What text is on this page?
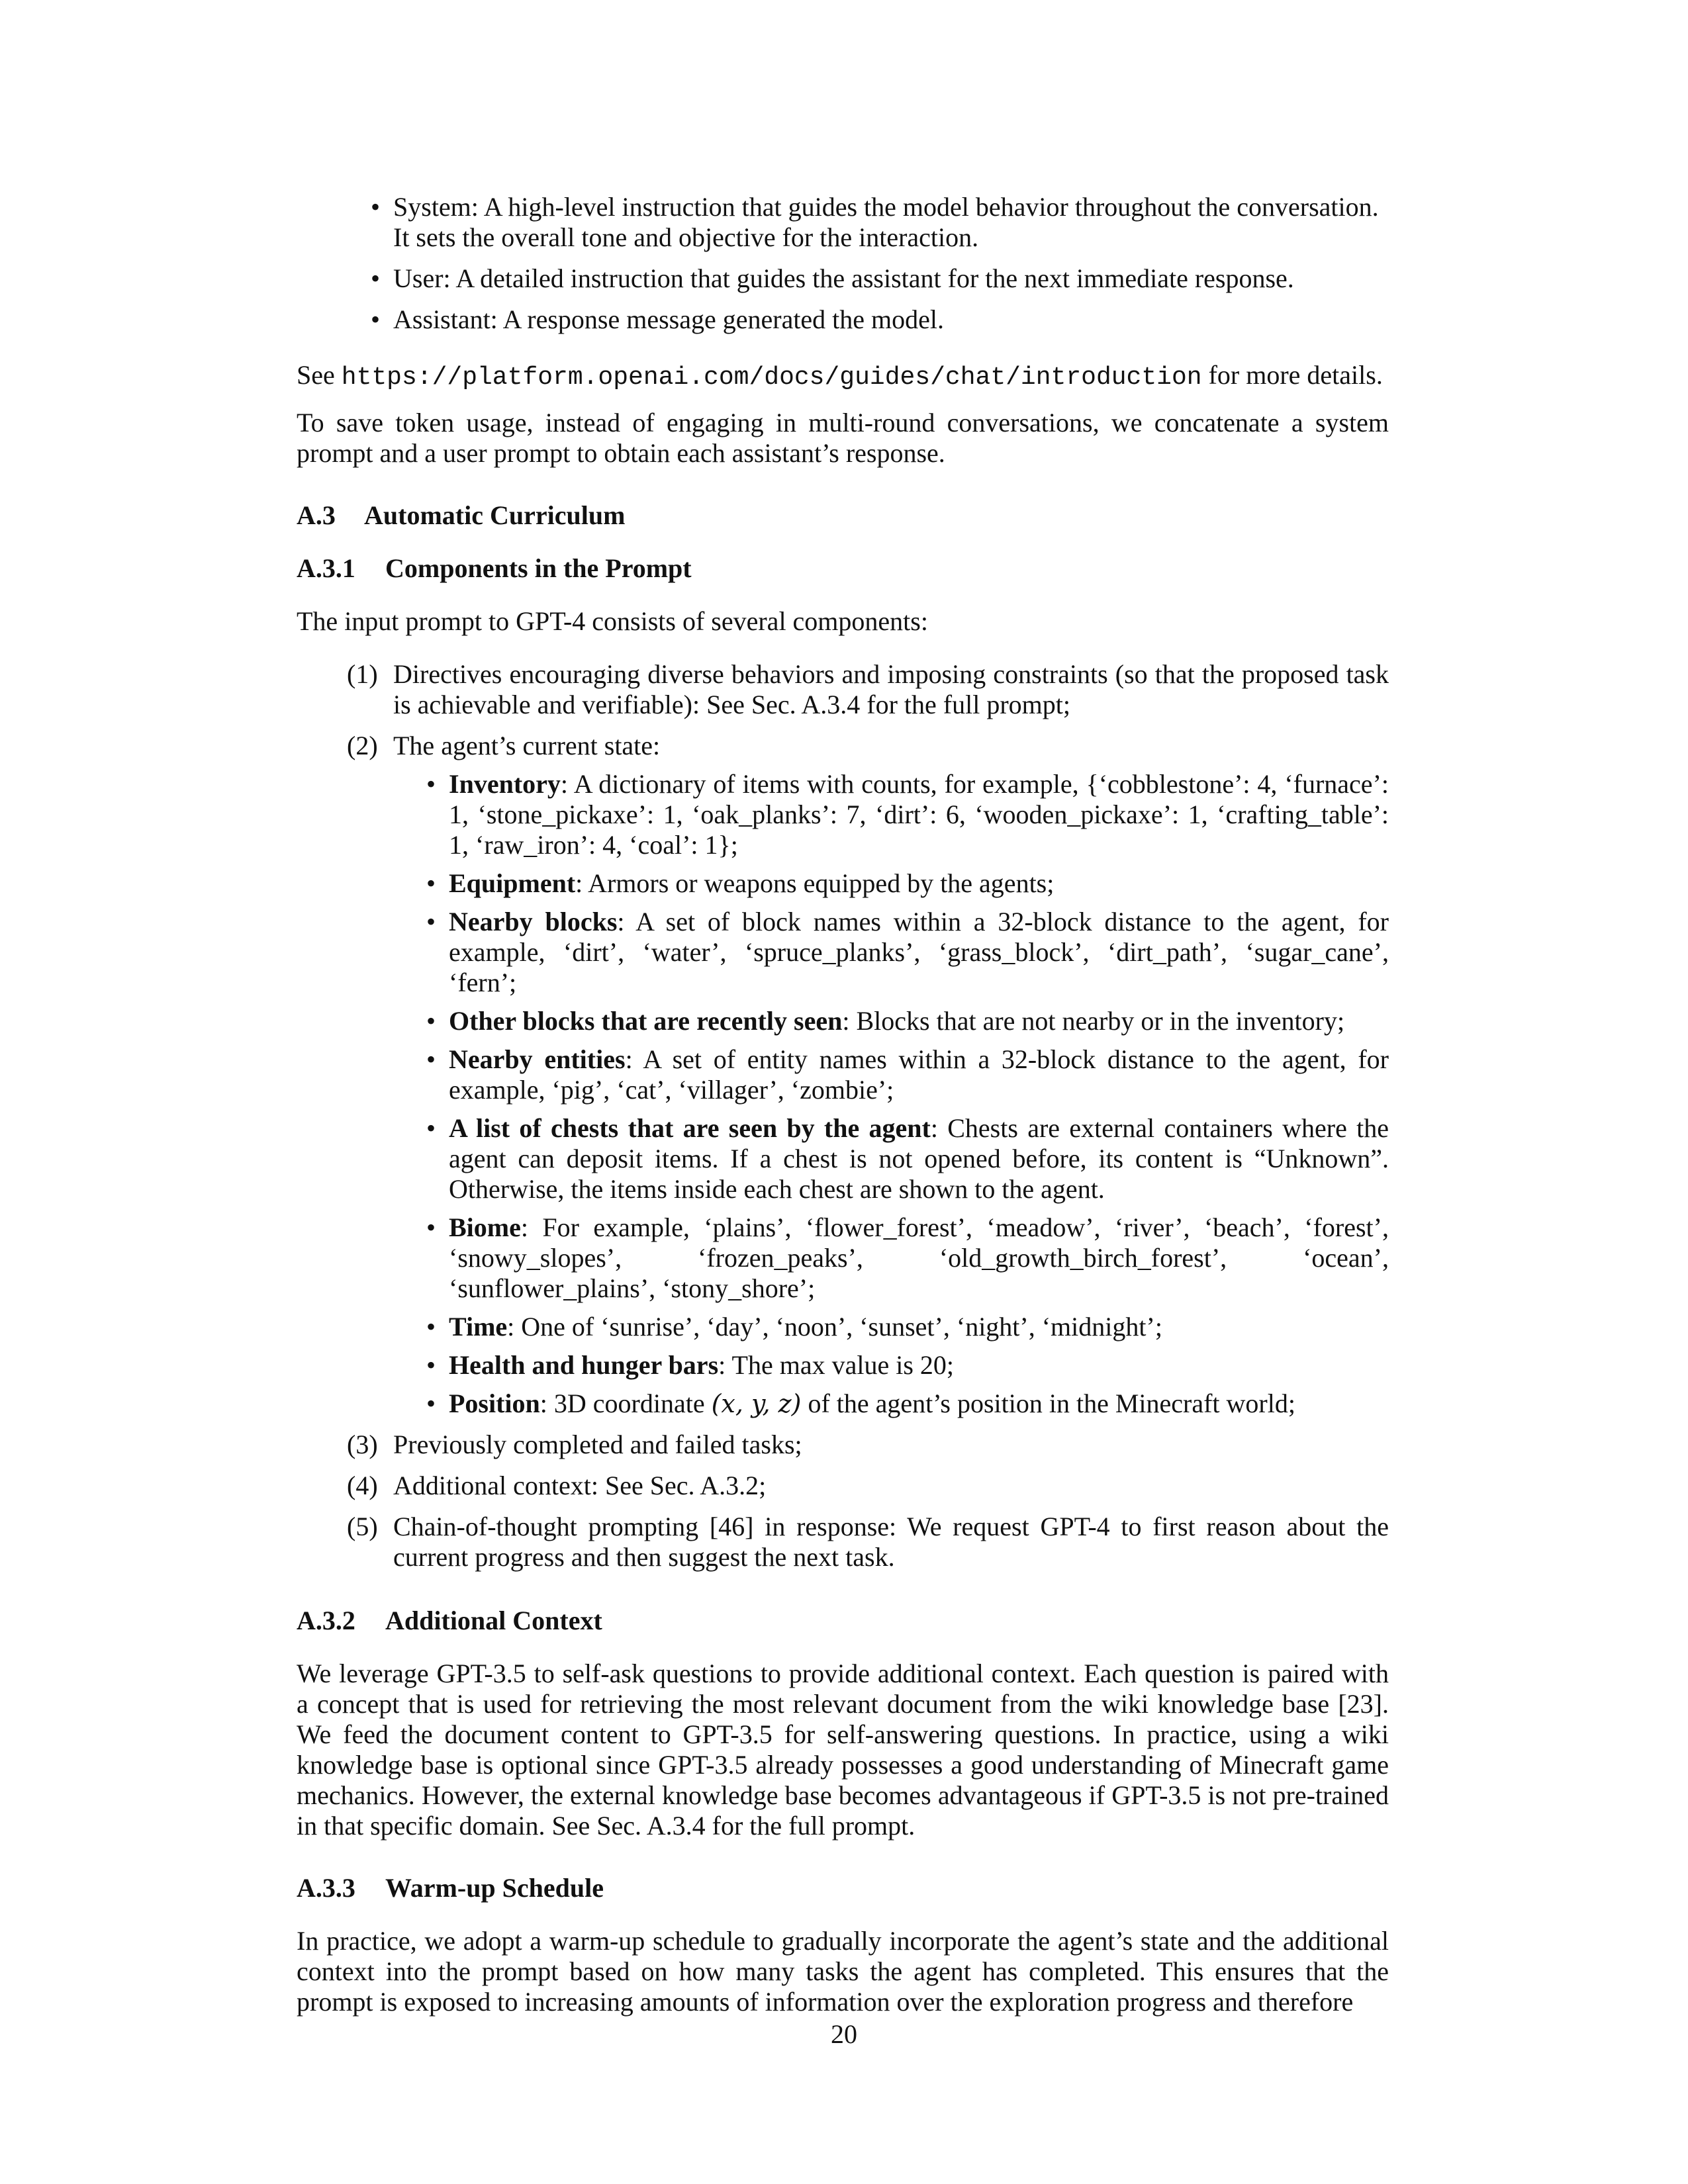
• System: A high-level instruction that guides the model behavior throughout the conversation. It sets the overall tone and objective for the interaction.
• User: A detailed instruction that guides the assistant for the next immediate response.
• Assistant: A response message generated the model.

See https://platform.openai.com/docs/guides/chat/introduction for more details.

To save token usage, instead of engaging in multi-round conversations, we concatenate a system prompt and a user prompt to obtain each assistant’s response.

A.3 Automatic Curriculum
A.3.1 Components in the Prompt

The input prompt to GPT-4 consists of several components:

(1) Directives encouraging diverse behaviors and imposing constraints (so that the proposed task is achievable and verifiable): See Sec. A.3.4 for the full prompt;
(2) The agent’s current state:
• Inventory: A dictionary of items with counts, for example, {‘cobblestone’: 4, ‘furnace’: 1, ‘stone_pickaxe’: 1, ‘oak_planks’: 7, ‘dirt’: 6, ‘wooden_pickaxe’: 1, ‘crafting_table’: 1, ‘raw_iron’: 4, ‘coal’: 1};
• Equipment: Armors or weapons equipped by the agents;
• Nearby blocks: A set of block names within a 32-block distance to the agent, for example, ‘dirt’, ‘water’, ‘spruce_planks’, ‘grass_block’, ‘dirt_path’, ‘sugar_cane’, ‘fern’;
• Other blocks that are recently seen: Blocks that are not nearby or in the inventory;
• Nearby entities: A set of entity names within a 32-block distance to the agent, for example, ‘pig’, ‘cat’, ‘villager’, ‘zombie’;
• A list of chests that are seen by the agent: Chests are external containers where the agent can deposit items. If a chest is not opened before, its content is “Unknown”. Otherwise, the items inside each chest are shown to the agent.
• Biome: For example, ‘plains’, ‘flower_forest’, ‘meadow’, ‘river’, ‘beach’, ‘forest’, ‘snowy_slopes’, ‘frozen_peaks’, ‘old_growth_birch_forest’, ‘ocean’, ‘sunflower_plains’, ‘stony_shore’;
• Time: One of ‘sunrise’, ‘day’, ‘noon’, ‘sunset’, ‘night’, ‘midnight’;
• Health and hunger bars: The max value is 20;
• Position: 3D coordinate (x, y, z) of the agent’s position in the Minecraft world;
(3) Previously completed and failed tasks;
(4) Additional context: See Sec. A.3.2;
(5) Chain-of-thought prompting [46] in response: We request GPT-4 to first reason about the current progress and then suggest the next task.
A.3.2 Additional Context

We leverage GPT-3.5 to self-ask questions to provide additional context. Each question is paired with a concept that is used for retrieving the most relevant document from the wiki knowledge base [23]. We feed the document content to GPT-3.5 for self-answering questions. In practice, using a wiki knowledge base is optional since GPT-3.5 already possesses a good understanding of Minecraft game mechanics. However, the external knowledge base becomes advantageous if GPT-3.5 is not pre-trained in that specific domain. See Sec. A.3.4 for the full prompt.

A.3.3 Warm-up Schedule

In practice, we adopt a warm-up schedule to gradually incorporate the agent’s state and the additional context into the prompt based on how many tasks the agent has completed. This ensures that the prompt is exposed to increasing amounts of information over the exploration progress and therefore

20
